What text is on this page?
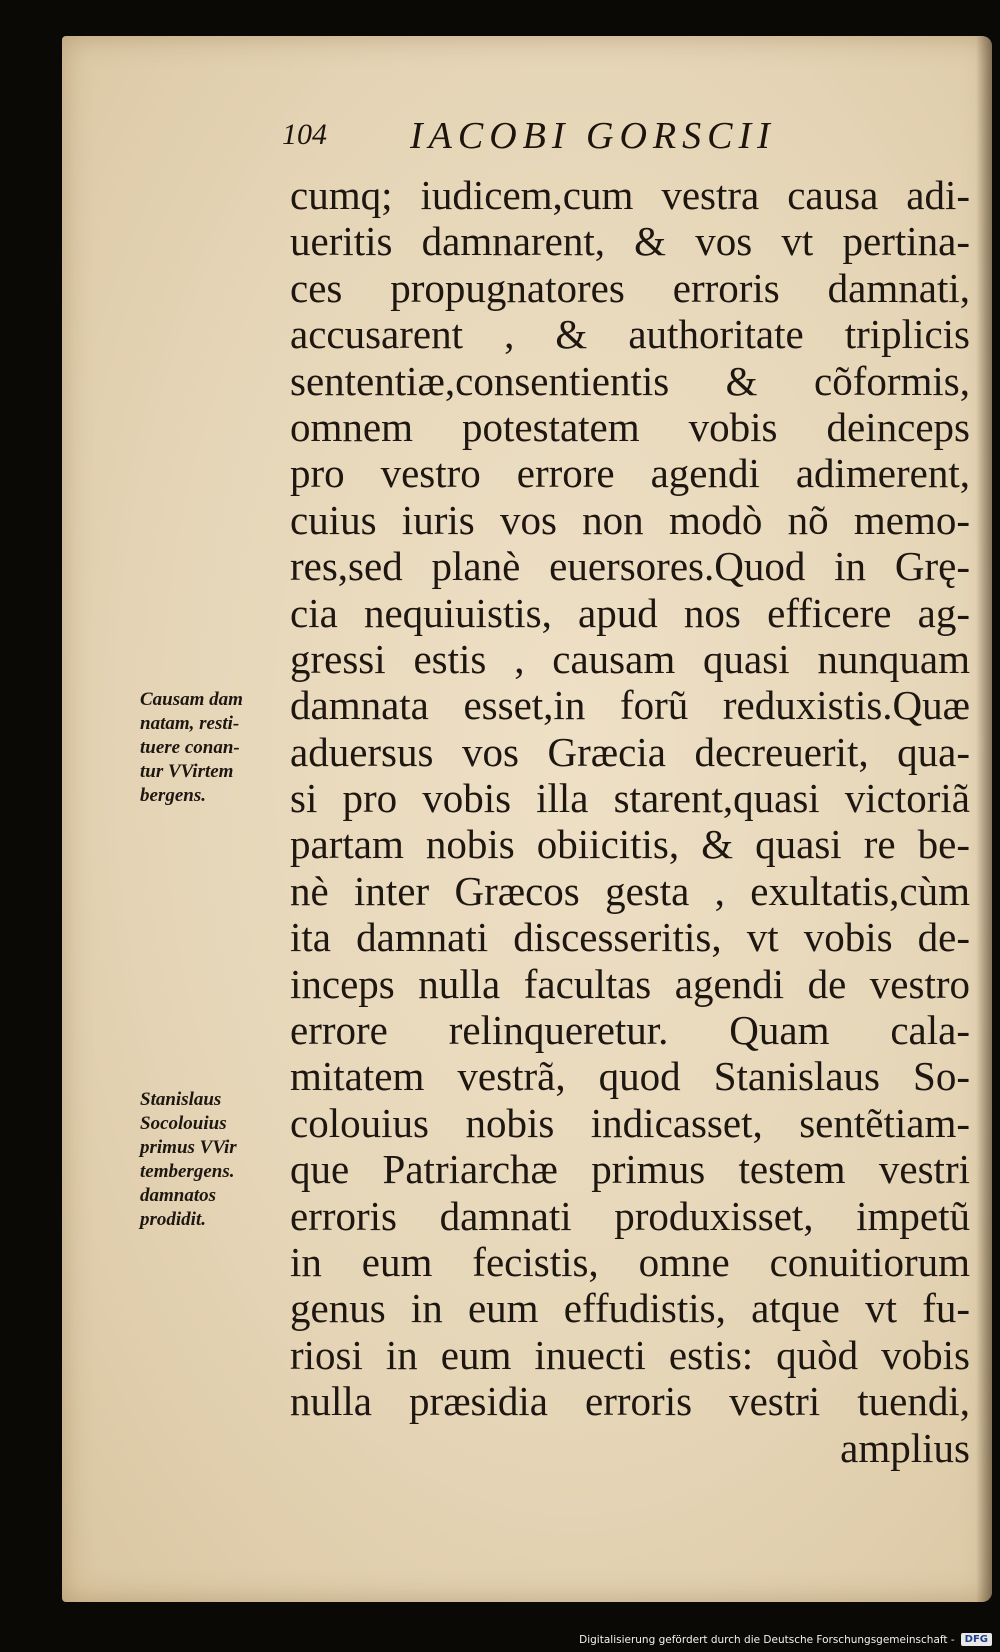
104 IACOBI GORSCII
cumq; iudicem,cum vestra causa adi-
ueritis damnarent, & vos vt pertina-
ces propugnatores erroris damnati,
accusarent , & authoritate triplicis
sententiæ,consentientis & cõformis,
omnem potestatem vobis deinceps
pro vestro errore agendi adimerent,
cuius iuris vos non modò nõ memo-
res,sed planè euersores.Quod in Grę-
cia nequiuistis, apud nos efficere ag-
gressi estis , causam quasi nunquam
damnata esset,in forũ reduxistis.Quæ
aduersus vos Græcia decreuerit, qua-
si pro vobis illa starent,quasi victoriã
partam nobis obiicitis, & quasi re be-
nè inter Græcos gesta , exultatis,cùm
ita damnati discesseritis, vt vobis de-
inceps nulla facultas agendi de vestro
errore relinqueretur. Quam cala-
mitatem vestrã, quod Stanislaus So-
colouius nobis indicasset, sentẽtiam-
que Patriarchæ primus testem vestri
erroris damnati produxisset, impetũ
in eum fecistis, omne conuitiorum
genus in eum effudistis, atque vt fu-
riosi in eum inuecti estis: quòd vobis
nulla præsidia erroris vestri tuendi,
amplius
Causam dam
natam, resti-
tuere conan-
tur VVirtem
bergens.
Stanislaus
Socolouius
primus VVir
tembergens.
damnatos
prodidit.
Digitalisierung gefördert durch die Deutsche Forschungsgemeinschaft -	DFG
